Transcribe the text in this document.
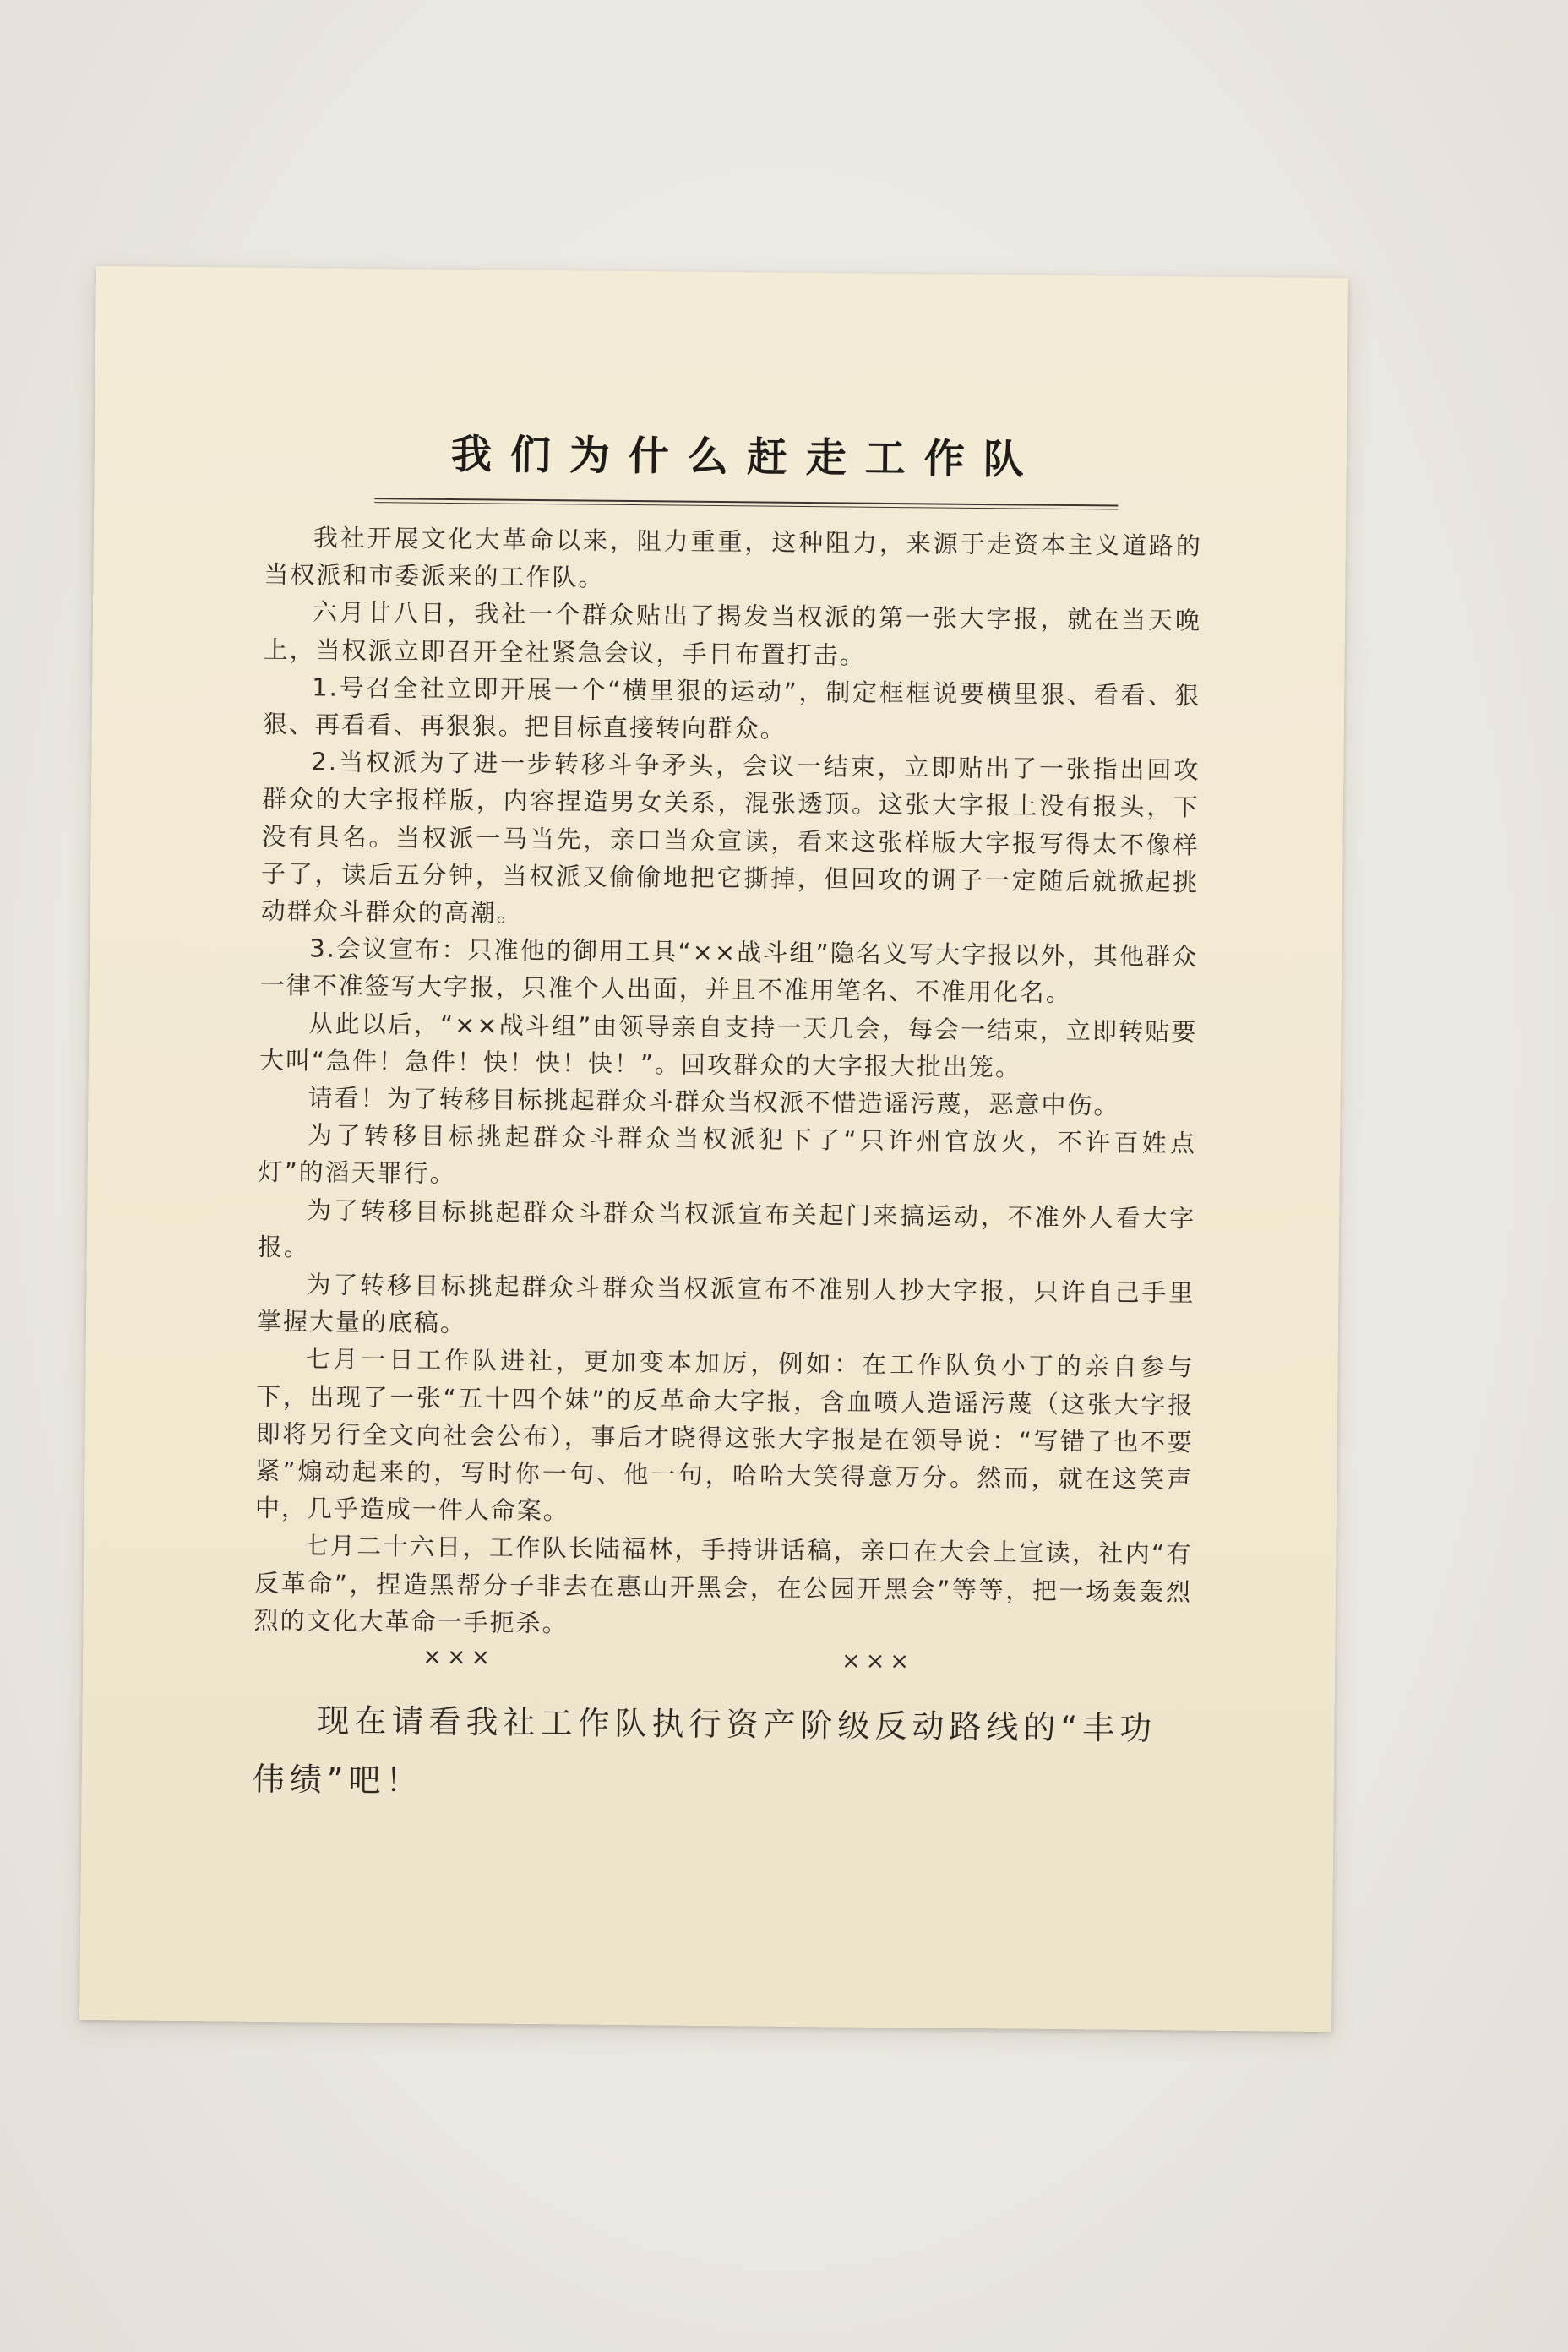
我们为什么赶走工作队

我社开展文化大革命以来，阻力重重，这种阻力，来源于走资本主义道路的当权派和市委派来的工作队。

六月廿八日，我社一个群众贴出了揭发当权派的第一张大字报，就在当天晚上，当权派立即召开全社紧急会议，手目布置打击。

1.号召全社立即开展一个“横里狠的运动”，制定框框说要横里狠、看看、狠狠、再看看、再狠狠。把目标直接转向群众。

2.当权派为了进一步转移斗争矛头，会议一结束，立即贴出了一张指出回攻群众的大字报样版，内容捏造男女关系，混张透顶。这张大字报上没有报头，下没有具名。当权派一马当先，亲口当众宣读，看来这张样版大字报写得太不像样子了，读后五分钟，当权派又偷偷地把它撕掉，但回攻的调子一定随后就掀起挑动群众斗群众的高潮。

3.会议宣布：只准他的御用工具“××战斗组”隐名义写大字报以外，其他群众一律不准签写大字报，只准个人出面，并且不准用笔名、不准用化名。

从此以后，“××战斗组”由领导亲自支持一天几会，每会一结束，立即转贴要大叫“急件！急件！快！快！快！”。回攻群众的大字报大批出笼。

请看！为了转移目标挑起群众斗群众当权派不惜造谣污蔑，恶意中伤。

为了转移目标挑起群众斗群众当权派犯下了“只许州官放火，不许百姓点灯”的滔天罪行。

为了转移目标挑起群众斗群众当权派宣布关起门来搞运动，不准外人看大字报。

为了转移目标挑起群众斗群众当权派宣布不准别人抄大字报，只许自己手里掌握大量的底稿。

七月一日工作队进社，更加变本加厉，例如：在工作队负小丁的亲自参与下，出现了一张“五十四个妹”的反革命大字报，含血喷人造谣污蔑（这张大字报即将另行全文向社会公布），事后才晓得这张大字报是在领导说：“写错了也不要紧”煽动起来的，写时你一句、他一句，哈哈大笑得意万分。然而，就在这笑声中，几乎造成一件人命案。

七月二十六日，工作队长陆福林，手持讲话稿，亲口在大会上宣读，社内“有反革命”，捏造黑帮分子非去在惠山开黑会，在公园开黑会”等等，把一场轰轰烈烈的文化大革命一手扼杀。

×××	×××
现在请看我社工作队执行资产阶级反动路线的“丰功伟绩”吧！
